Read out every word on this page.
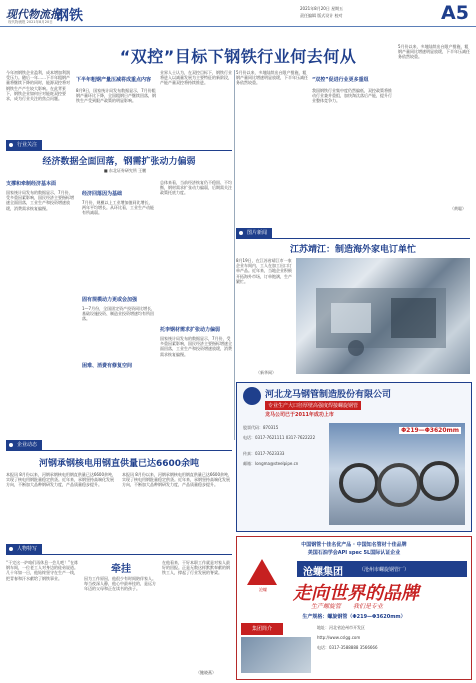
现代物流报
现代物流报 2021年8月20日 钢铁	2021年8月20日 星期五
责任编辑 版式设计 校对	A5
“双控”目标下钢铁行业何去何从
今年初钢铁企业盈利，成本增加利润受压力。随后一年……下半年粗钢产量将继续下降的同时，能源双控将对钢铁生产产生较大影响。在此背景下，钢铁企业如何应对能耗双控要求，成为行业关注的焦点问题。
下半年粗钢产量压减将成重点内容
8月9日，国家统计局发布数据显示，7月份粗钢产量环比下降，全国粗钢日产继续回落，钢铁生产受到限产政策的明显影响。
业界人士认为，在双控目标下，钢铁行业将进入以减量发展为主要特征的新阶段，产能产量双控将持续推进。
5月份以来，多地陆续出台限产措施，粗钢产量同比增速明显放缓，下半年压减任务依然较重。	“双控”促进行业更多重组
我国钢铁行业集中度仍然偏低，双控政策将推动行业兼并重组，加快淘汰落后产能，提升行业整体竞争力。
5月份以来，多地陆续出台限产措施，粗钢产量同比增速明显放缓，下半年压减任务依然较重。
（黄聪）
行业关注
经济数据全面回落，钢需扩张动力偏弱
■ 东北证券研究所 王鹏
支撑和牵制经济基本面
国家统计局发布的数据显示，7月份，受多重因素影响，国民经济主要指标增速全面回落，工业生产和投资增速放缓，消费需求恢复偏慢。
经济回落因为基础
7月份，规模以上工业增加值同比增长，两年平均增长。从环比看，工业生产动能有所减弱。
固有规模动力更或会加强
1—7月份，全国固定资产投资同比增长，基础设施投资、制造业投资增速均有所回落。
困难、消费有修复空间
总体来看，当前经济恢复仍不稳固、不均衡，钢材需求扩张动力偏弱，后期需关注政策托底力度。
托李钢材需求扩张动力偏弱
国家统计局发布的数据显示，7月份，受多重因素影响，国民经济主要指标增速全面回落，工业生产和投资增速放缓，消费需求恢复偏慢。
图片新闻
江苏靖江：制造海外家电订单忙
8月19日，在江苏省靖江市一家企业车间内，工人在加工出口订单产品。近年来，当地企业积极开拓海外市场，订单饱满，生产繁忙。
（新华网）
河北龙马钢管制造股份有限公司
专业生产大口径厚壁高强度焊接螺旋钢管
龙马公司已于2011年成功上市
股票代码：870315
电话：0317-7621111 0317-7622222
传真：0317-7623333
邮箱：longma@steelpipe.cn
Φ219—Φ3620mm
企业动态
河钢承钢核电用钢直供量已达6600余吨
本报讯 8月份以来，河钢承钢核电用钢直供量已达6600余吨，实现了核电用钢批量稳定供货。近年来，承钢坚持高端化发展方向，不断加大品种钢研发力度，产品质量稳步提升。
本报讯 8月份以来，河钢承钢核电用钢直供量已达6600余吨，实现了核电用钢批量稳定供货。近年来，承钢坚持高端化发展方向，不断加大品种钢研发力度，产品质量稳步提升。
人物特写
牵挂
“干完这一炉咱们再休息一会儿吧！”在炼钢车间，一位老工人对身边的徒弟说道。几十年如一日，他始终坚守在生产一线，把青春和汗水献给了钢铁事业。	因为工作原因，他很少有时间陪伴家人。每当夜深人静，他心中最牵挂的，是远方年迈的父母和正在读书的孩子。
在他看来，干好本职工作就是对家人最好的回报。正是无数这样默默奉献的钢铁工人，撑起了行业发展的脊梁。
（鲍晓燕）
中国钢管十佳名优产品 · 中国知名管材十佳品牌
美国石油学会API spec 5L国际认证企业
沧螺
沧螺集团	（沧州市螺旋钢管厂）
走向世界的品牌
生产螺旋管　　我们是专业
生产规格：螺旋钢管（Φ219—Φ3620mm）
集团简介	地址：河北省沧州市开发区
http://www.cslgg.com
电话：0317-3588888 3566666
